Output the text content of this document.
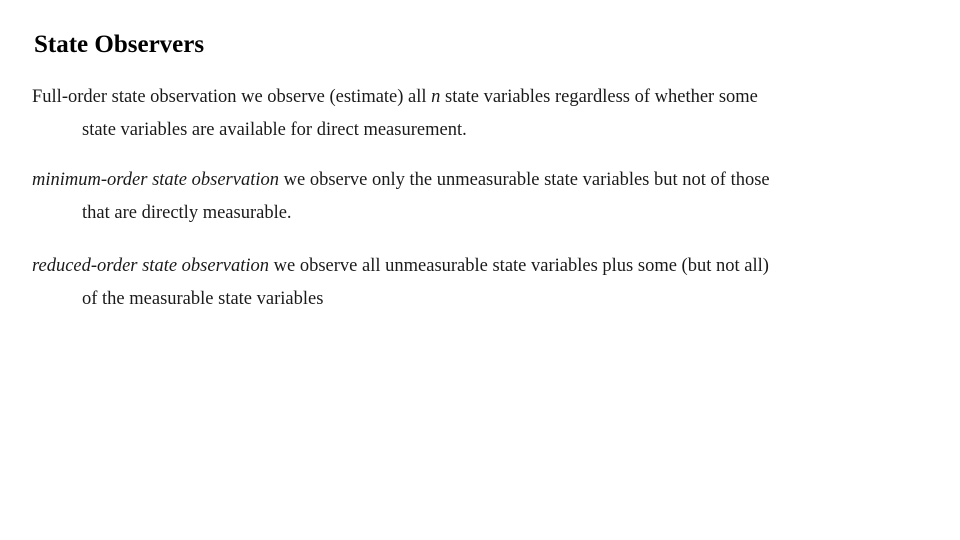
State Observers

Full-order state observation we observe (estimate) all n state variables regardless of whether some
state variables are available for direct measurement.

minimum-order state observation we observe only the unmeasurable state variables but not of those
that are directly measurable.

reduced-order state observation we observe all unmeasurable state variables plus some (but not all)
of the measurable state variables
